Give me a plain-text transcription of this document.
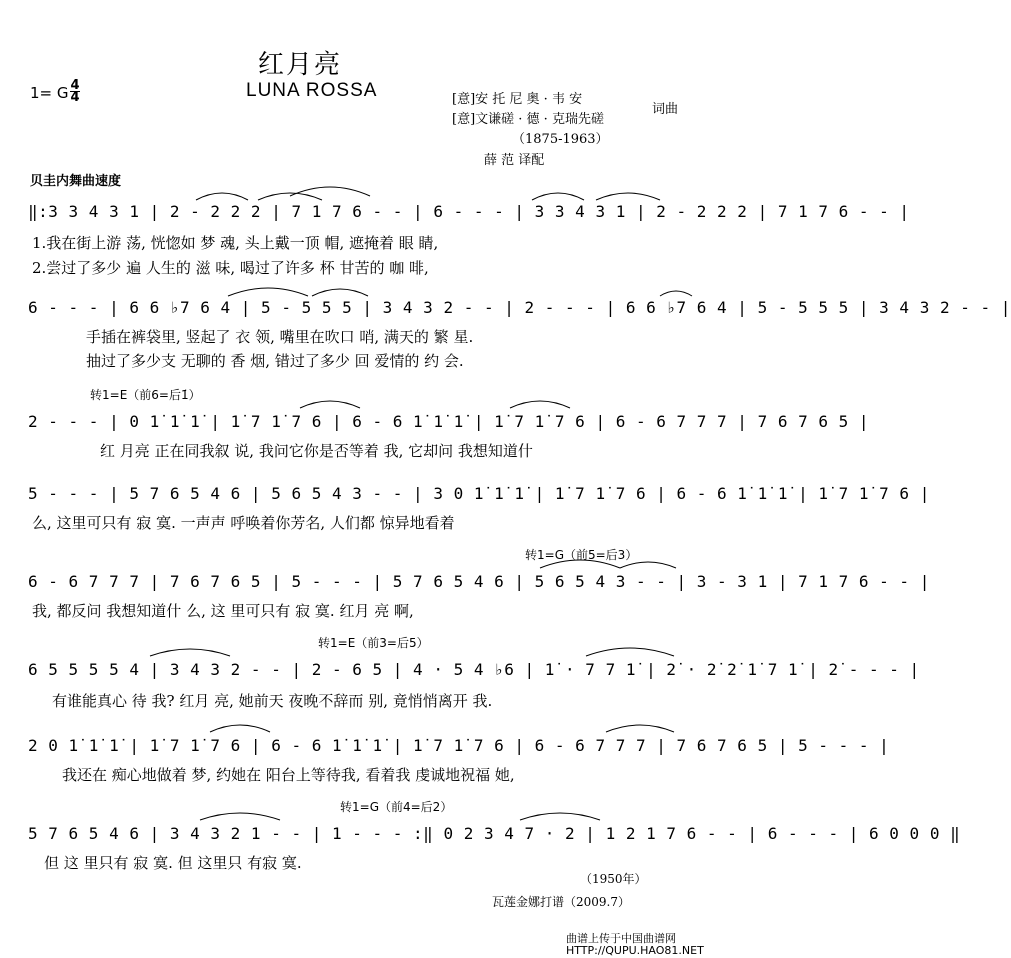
红月亮
LUNA ROSSA
1= G 4
4	[意]安 托 尼 奥 · 韦 安
[意]文谦磋 · 德 · 克瑞先磋
词曲
（1875-1963）
薛 范 译配
贝圭内舞曲速度
‖:3 3 4 3 1 | 2 - 2 2 2 | 7 1 7 6 - - | 6 - - - | 3 3 4 3 1 | 2 - 2 2 2 | 7 1 7 6 - - |
1.我在街上游 荡, 恍惚如 梦 魂, 头上戴一顶 帽, 遮掩着 眼 睛,
2.尝过了多少 遍 人生的 滋 味, 喝过了许多 杯 甘苦的 咖 啡,
6 - - - | 6 6 ♭7 6 4 | 5 - 5 5 5 | 3 4 3 2 - - | 2 - - - | 6 6 ♭7 6 4 | 5 - 5 5 5 | 3 4 3 2 - - |
手插在裤袋里, 竖起了 衣 领, 嘴里在吹口 哨, 满天的 繁 星.
抽过了多少支 无聊的 香 烟, 错过了多少 回 爱情的 约 会.
转1=E（前6=后1̇）
2 - - - | 0 1̇ 1̇ 1̇ | 1̇ 7 1̇ 7 6 | 6 - 6 1̇ 1̇ 1̇ | 1̇ 7 1̇ 7 6 | 6 - 6 7 7 7 | 7 6 7 6 5 |
红 月亮 正在同我叙 说, 我问它你是否等着 我, 它却问 我想知道什
5 - - - | 5 7 6 5 4 6 | 5 6 5 4 3 - - | 3 0 1̇ 1̇ 1̇ | 1̇ 7 1̇ 7 6 | 6 - 6 1̇ 1̇ 1̇ | 1̇ 7 1̇ 7 6 |
么, 这里可只有 寂 寞. 一声声 呼唤着你芳名, 人们都 惊异地看着
转1=G（前5=后3）
6 - 6 7 7 7 | 7 6 7 6 5 | 5 - - - | 5 7 6 5 4 6 | 5 6 5 4 3 - - | 3 - 3 1 | 7 1 7 6 - - |
我, 都反问 我想知道什 么, 这 里可只有 寂 寞. 红月 亮 啊,
转1=E（前3=后5）
6 5 5 5 5 4 | 3 4 3 2 - - | 2 - 6 5 | 4 · 5 4 ♭6 | 1̇ · 7 7 1̇ | 2̇ · 2̇ 2̇ 1̇ 7 1̇ | 2̇ - - - |
有谁能真心 待 我? 红月 亮, 她前天 夜晚不辞而 别, 竟悄悄离开 我.
2 0 1̇ 1̇ 1̇ | 1̇ 7 1̇ 7 6 | 6 - 6 1̇ 1̇ 1̇ | 1̇ 7 1̇ 7 6 | 6 - 6 7 7 7 | 7 6 7 6 5 | 5 - - - |
我还在 痴心地做着 梦, 约她在 阳台上等待我, 看着我 虔诚地祝福 她,
转1=G（前4=后2）
5 7 6 5 4 6 | 3 4 3 2 1 - - | 1 - - - :‖ 0 2 3 4 7 · 2 | 1 2 1 7 6 - - | 6 - - - | 6 0 0 0 ‖
但 这 里只有 寂 寞. 但 这里只 有寂 寞.
（1950年）
瓦莲金娜打谱（2009.7）
曲谱上传于中国曲谱网
HTTP://QUPU.HAO81.NET
